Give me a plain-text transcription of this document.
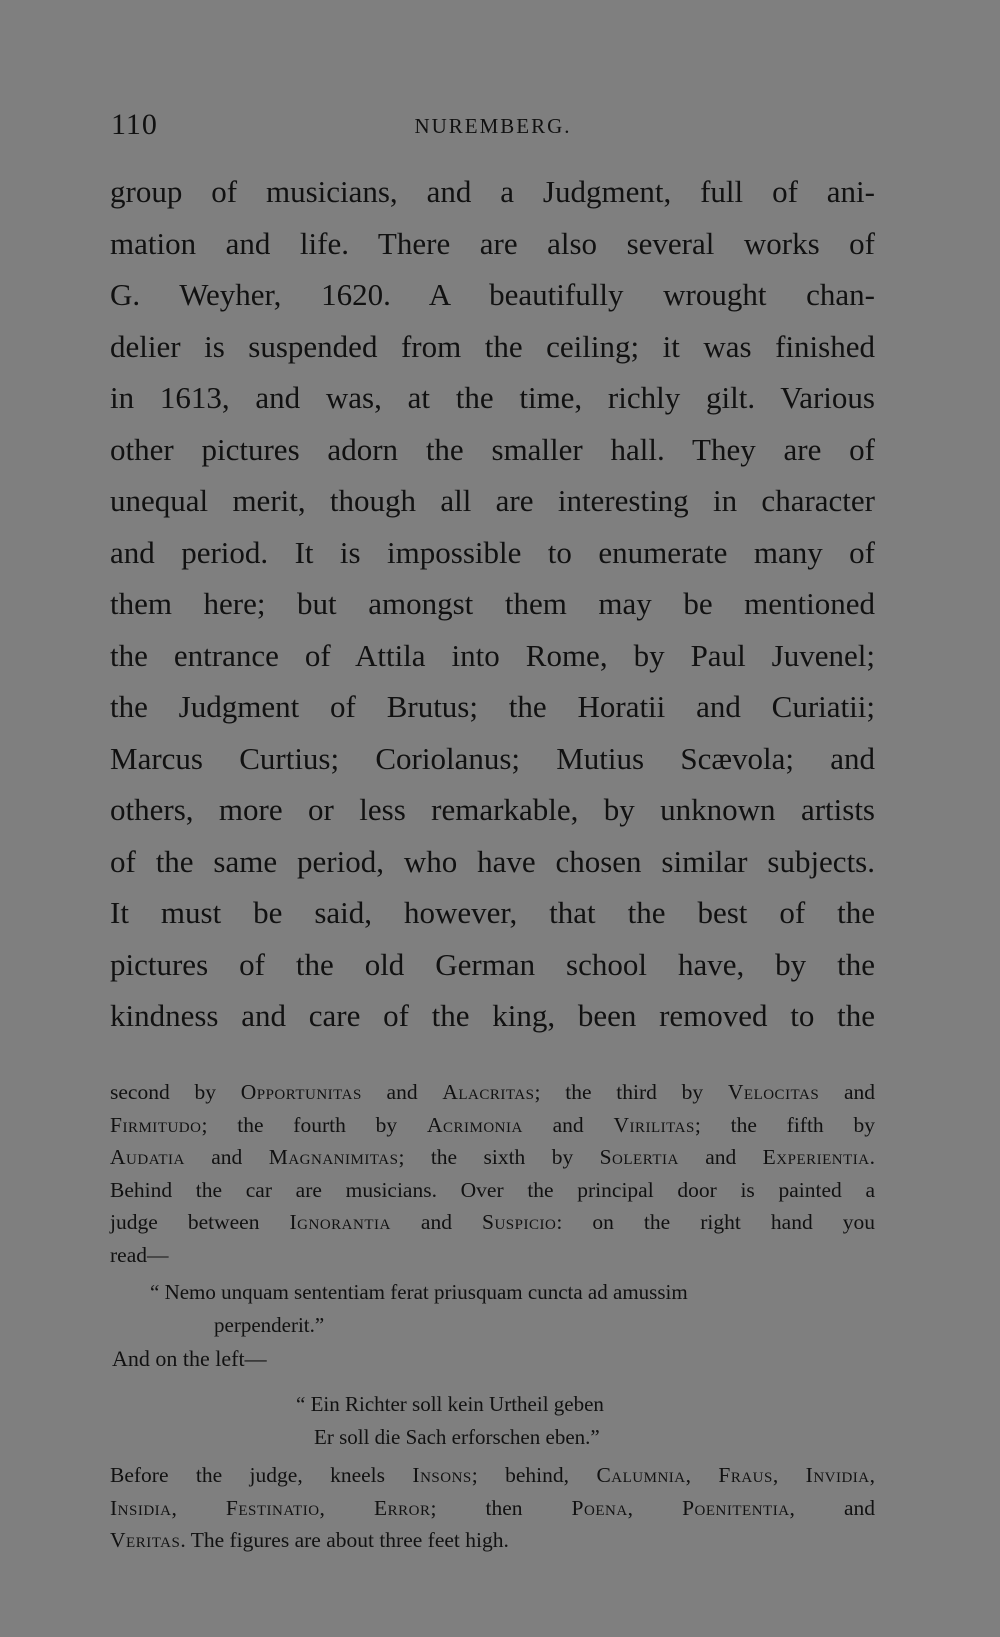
110	NUREMBERG.
group of musicians, and a Judgment, full of ani-
mation and life. There are also several works of
G. Weyher, 1620. A beautifully wrought chan-
delier is suspended from the ceiling; it was finished
in 1613, and was, at the time, richly gilt. Various
other pictures adorn the smaller hall. They are of
unequal merit, though all are interesting in character
and period. It is impossible to enumerate many of
them here; but amongst them may be mentioned
the entrance of Attila into Rome, by Paul Juvenel;
the Judgment of Brutus; the Horatii and Curiatii;
Marcus Curtius; Coriolanus; Mutius Scævola; and
others, more or less remarkable, by unknown artists
of the same period, who have chosen similar subjects.
It must be said, however, that the best of the
pictures of the old German school have, by the
kindness and care of the king, been removed to the
second by Opportunitas and Alacritas; the third by Velocitas and
Firmitudo; the fourth by Acrimonia and Virilitas; the fifth by
Audatia and Magnanimitas; the sixth by Solertia and Experientia.
Behind the car are musicians. Over the principal door is painted a
judge between Ignorantia and Suspicio: on the right hand you
read—
“ Nemo unquam sententiam ferat priusquam cuncta ad amussim
perpenderit.”
And on the left—
“ Ein Richter soll kein Urtheil geben
Er soll die Sach erforschen eben.”
Before the judge, kneels Insons; behind, Calumnia, Fraus, Invidia,
Insidia, Festinatio, Error; then Poena, Poenitentia, and
Veritas. The figures are about three feet high.
